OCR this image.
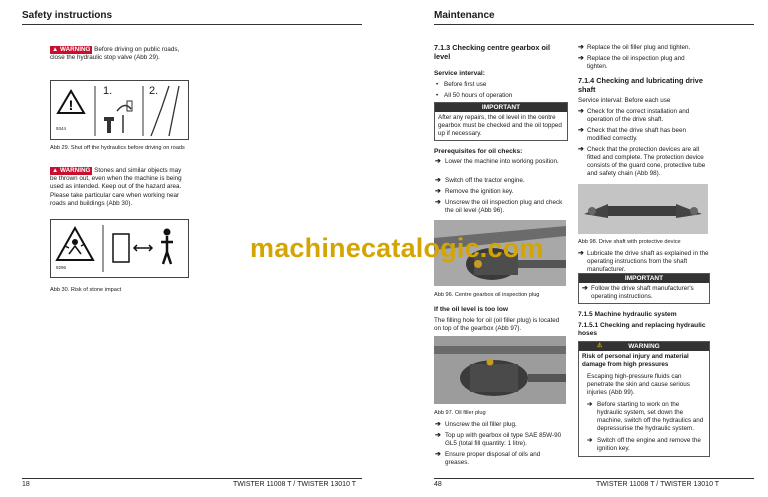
Safety instructions

▲ WARNING Before driving on public roads, close the hydraulic stop valve (Abb 29).

!
1.	2.
9344
Abb 29. Shut off the hydraulics before driving on roads

▲ WARNING Stones and similar objects may be thrown out, even when the machine is being used as intended. Keep out of the hazard area. Please take particular care when working near roads and buildings (Abb 30).

9296
Abb 30. Risk of stone impact
18	TWISTER 11008 T / TWISTER 13010 T
Maintenance
7.1.3 Checking centre gearbox oil level
Service interval:
• Before first use
• All 50 hours of operation
IMPORTANT
After any repairs, the oil level in the centre gearbox must be checked and the oil topped up if necessary.
Prerequisites for oil checks:
➔ Lower the machine into working position.
➔ Switch off the tractor engine.
➔ Remove the ignition key.
➔ Unscrew the oil inspection plug and check the oil level (Abb 96).
Abb 96. Centre gearbox oil inspection plug
If the oil level is too low

The filling hole for oil (oil filler plug) is located on top of the gearbox (Abb 97).

Abb 97. Oil filler plug
➔ Unscrew the oil filler plug.
➔ Top up with gearbox oil type SAE 85W-90 GL5 (total fill quantity: 1 litre).
➔ Ensure proper disposal of oils and greases.
➔ Replace the oil filler plug and tighten.
➔ Replace the oil inspection plug and tighten.
7.1.4 Checking and lubricating drive shaft

Service interval: Before each use

➔ Check for the correct installation and operation of the drive shaft.
➔ Check that the drive shaft has been modified correctly.
➔ Check that the protection devices are all fitted and complete. The protection device consists of the guard cone, protective tube and safety chain (Abb 98).
Abb 98. Drive shaft with protective device
➔ Lubricate the drive shaft as explained in the operating instructions from the shaft manufacturer.
IMPORTANT
➔ Follow the drive shaft manufacturer's operating instructions.
7.1.5 Machine hydraulic system
7.1.5.1 Checking and replacing hydraulic hoses
⚠	WARNING
Risk of personal injury and material damage from high pressures
Escaping high-pressure fluids can penetrate the skin and cause serious injuries (Abb 99).
➔ Before starting to work on the hydraulic system, set down the machine, switch off the hydraulics and depressurise the hydraulic system.
➔ Switch off the engine and remove the ignition key.
48	TWISTER 11008 T / TWISTER 13010 T
machinecatalogic.com
